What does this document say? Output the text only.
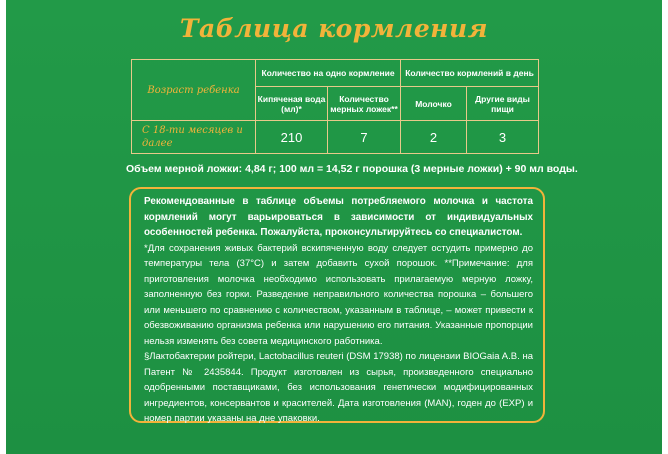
Таблица кормления
Возраст ребенка	Количество на одно кормление		Количество кормлений в день	
	Кипяченая вода (мл)*	Количество мерных ложек**	Молочко	Другие виды пищи
С 18-ти месяцев и далее	210	7	2	3
Объем мерной ложки: 4,84 г; 100 мл = 14,52 г порошка (3 мерные ложки) + 90 мл воды.

Рекомендованные в таблице объемы потребляемого молочка и частота кормлений могут варьироваться в зависимости от индивидуальных особенностей ребенка. Пожалуйста, проконсультируйтесь со специалистом.

*Для сохранения живых бактерий вскипяченную воду следует остудить примерно до температуры тела (37°С) и затем добавить сухой порошок. **Примечание: для приготовления молочка необходимо использовать прилагаемую мерную ложку, заполненную без горки. Разведение неправильного количества порошка – большего или меньшего по сравнению с количеством, указанным в таблице, – может привести к обезвоживанию организма ребенка или нарушению его питания. Указанные пропорции нельзя изменять без совета медицинского работника.

§Лактобактерии ройтери, Lactobacillus reuteri (DSM 17938) по лицензии BIOGaia A.B. на Патент № 2435844. Продукт изготовлен из сырья, произведенного специально одобренными поставщиками, без использования генетически модифицированных ингредиентов, консервантов и красителей. Дата изготовления (MAN), годен до (EXP) и номер партии указаны на дне упаковки.
